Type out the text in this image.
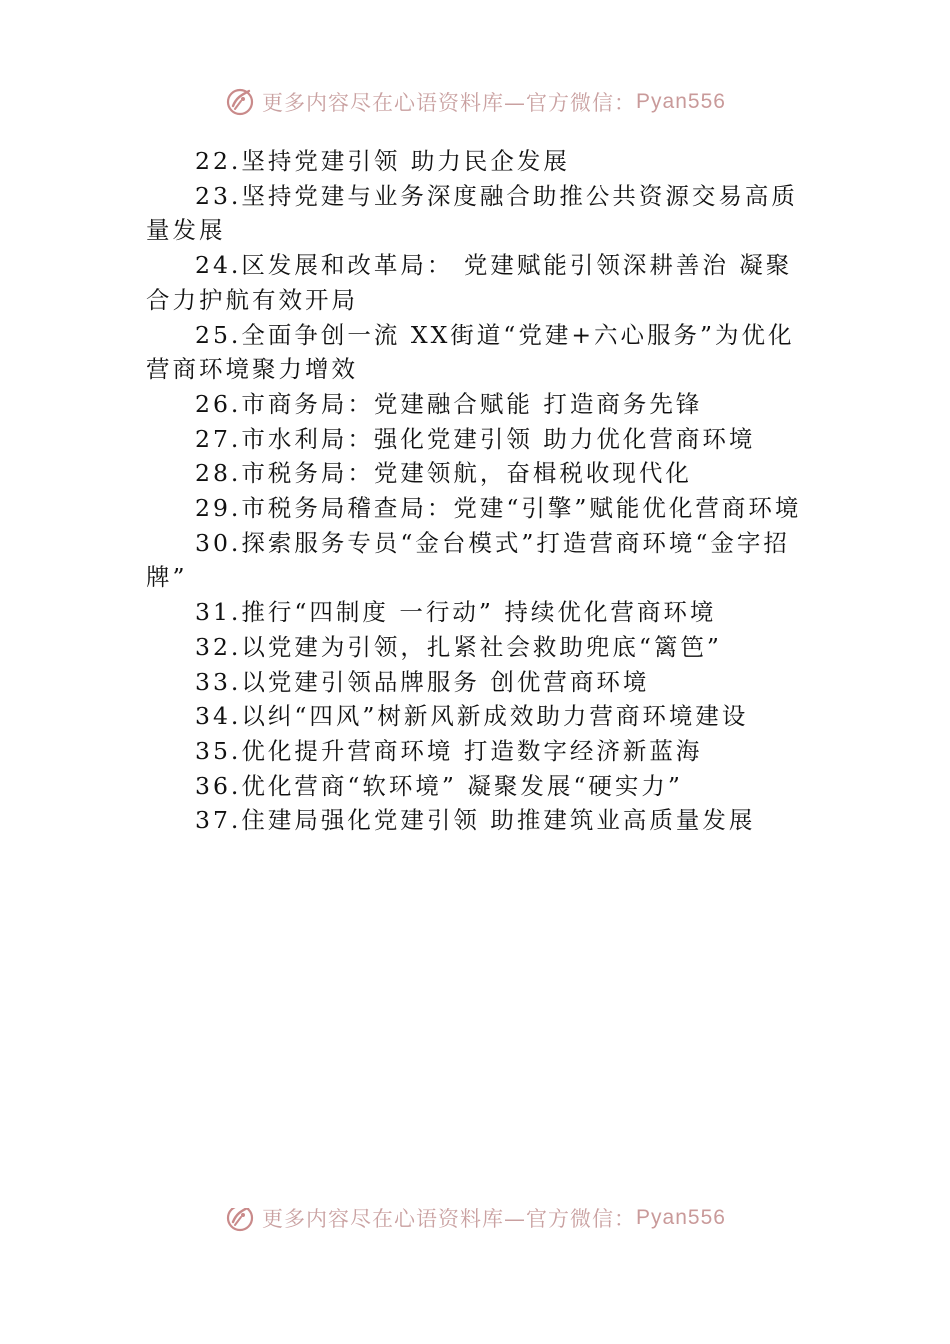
更多内容尽在心语资料库—官方微信： Pyan556

22.坚持党建引领 助力民企发展

23.坚持党建与业务深度融合助推公共资源交易高质量发展

24.区发展和改革局： 党建赋能引领深耕善治 凝聚合力护航有效开局

25.全面争创一流 XX街道“党建+六心服务”为优化营商环境聚力增效

26.市商务局：党建融合赋能 打造商务先锋

27.市水利局：强化党建引领 助力优化营商环境

28.市税务局：党建领航，奋楫税收现代化

29.市税务局稽查局：党建“引擎”赋能优化营商环境

30.探索服务专员“金台模式”打造营商环境“金字招牌”

31.推行“四制度 一行动” 持续优化营商环境

32.以党建为引领，扎紧社会救助兜底“篱笆”

33.以党建引领品牌服务 创优营商环境

34.以纠“四风”树新风新成效助力营商环境建设

35.优化提升营商环境 打造数字经济新蓝海

36.优化营商“软环境” 凝聚发展“硬实力”

37.住建局强化党建引领 助推建筑业高质量发展

更多内容尽在心语资料库—官方微信： Pyan556
